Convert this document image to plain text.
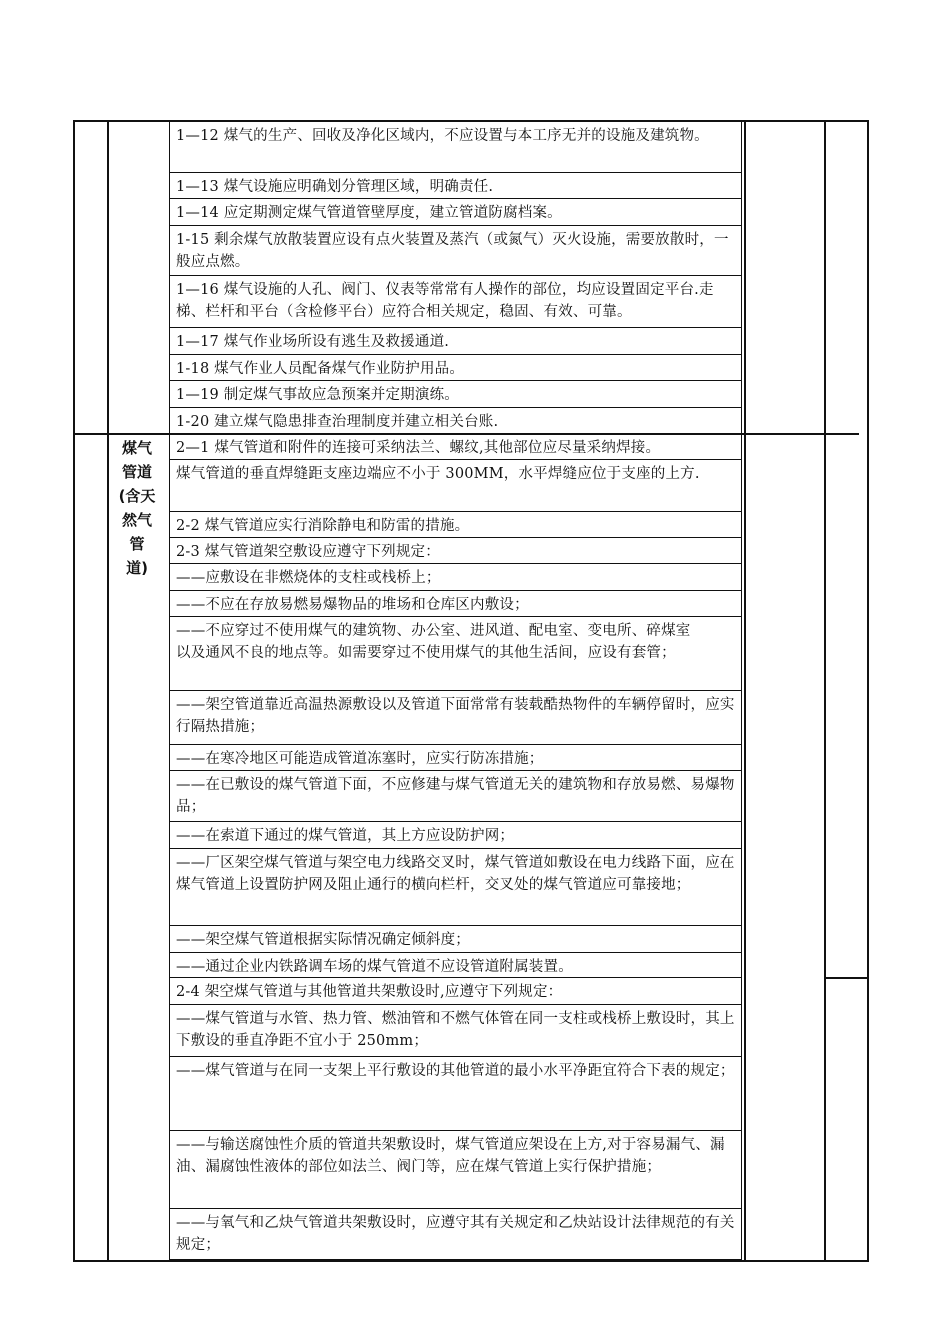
煤气
管道
(含天
然气
管
道)
1—12 煤气的生产、回收及净化区域内，不应设置与本工序无并的设施及建筑物。
1—13 煤气设施应明确划分管理区域，明确责任.
1—14 应定期测定煤气管道管壁厚度，建立管道防腐档案。
1-15 剩余煤气放散装置应设有点火装置及蒸汽（或氮气）灭火设施，需要放散时，一般应点燃。
1—16 煤气设施的人孔、阀门、仪表等常常有人操作的部位，均应设置固定平台.走梯、栏杆和平台（含检修平台）应符合相关规定，稳固、有效、可靠。
1—17 煤气作业场所设有逃生及救援通道.
1-18 煤气作业人员配备煤气作业防护用品。
1—19 制定煤气事故应急预案并定期演练。
1-20 建立煤气隐患排查治理制度并建立相关台账.
2—1 煤气管道和附件的连接可采纳法兰、螺纹,其他部位应尽量采纳焊接。
煤气管道的垂直焊缝距支座边端应不小于 300MM，水平焊缝应位于支座的上方.
2-2 煤气管道应实行消除静电和防雷的措施。
2-3 煤气管道架空敷设应遵守下列规定：
——应敷设在非燃烧体的支柱或栈桥上；
——不应在存放易燃易爆物品的堆场和仓库区内敷设；
——不应穿过不使用煤气的建筑物、办公室、进风道、配电室、变电所、碎煤室
以及通风不良的地点等。如需要穿过不使用煤气的其他生活间，应设有套管；
——架空管道靠近高温热源敷设以及管道下面常常有装载酷热物件的车辆停留时，应实行隔热措施；
——在寒冷地区可能造成管道冻塞时，应实行防冻措施；
——在已敷设的煤气管道下面，不应修建与煤气管道无关的建筑物和存放易燃、易爆物品；
——在索道下通过的煤气管道，其上方应设防护网；
——厂区架空煤气管道与架空电力线路交叉时，煤气管道如敷设在电力线路下面，应在煤气管道上设置防护网及阻止通行的横向栏杆，交叉处的煤气管道应可靠接地；
——架空煤气管道根据实际情况确定倾斜度；
——通过企业内铁路调车场的煤气管道不应设管道附属装置。
2-4 架空煤气管道与其他管道共架敷设时,应遵守下列规定：
——煤气管道与水管、热力管、燃油管和不燃气体管在同一支柱或栈桥上敷设时，其上下敷设的垂直净距不宜小于 250mm；
——煤气管道与在同一支架上平行敷设的其他管道的最小水平净距宜符合下表的规定；
——与输送腐蚀性介质的管道共架敷设时，煤气管道应架设在上方,对于容易漏气、漏油、漏腐蚀性液体的部位如法兰、阀门等，应在煤气管道上实行保护措施；
——与氧气和乙炔气管道共架敷设时，应遵守其有关规定和乙炔站设计法律规范的有关规定；
